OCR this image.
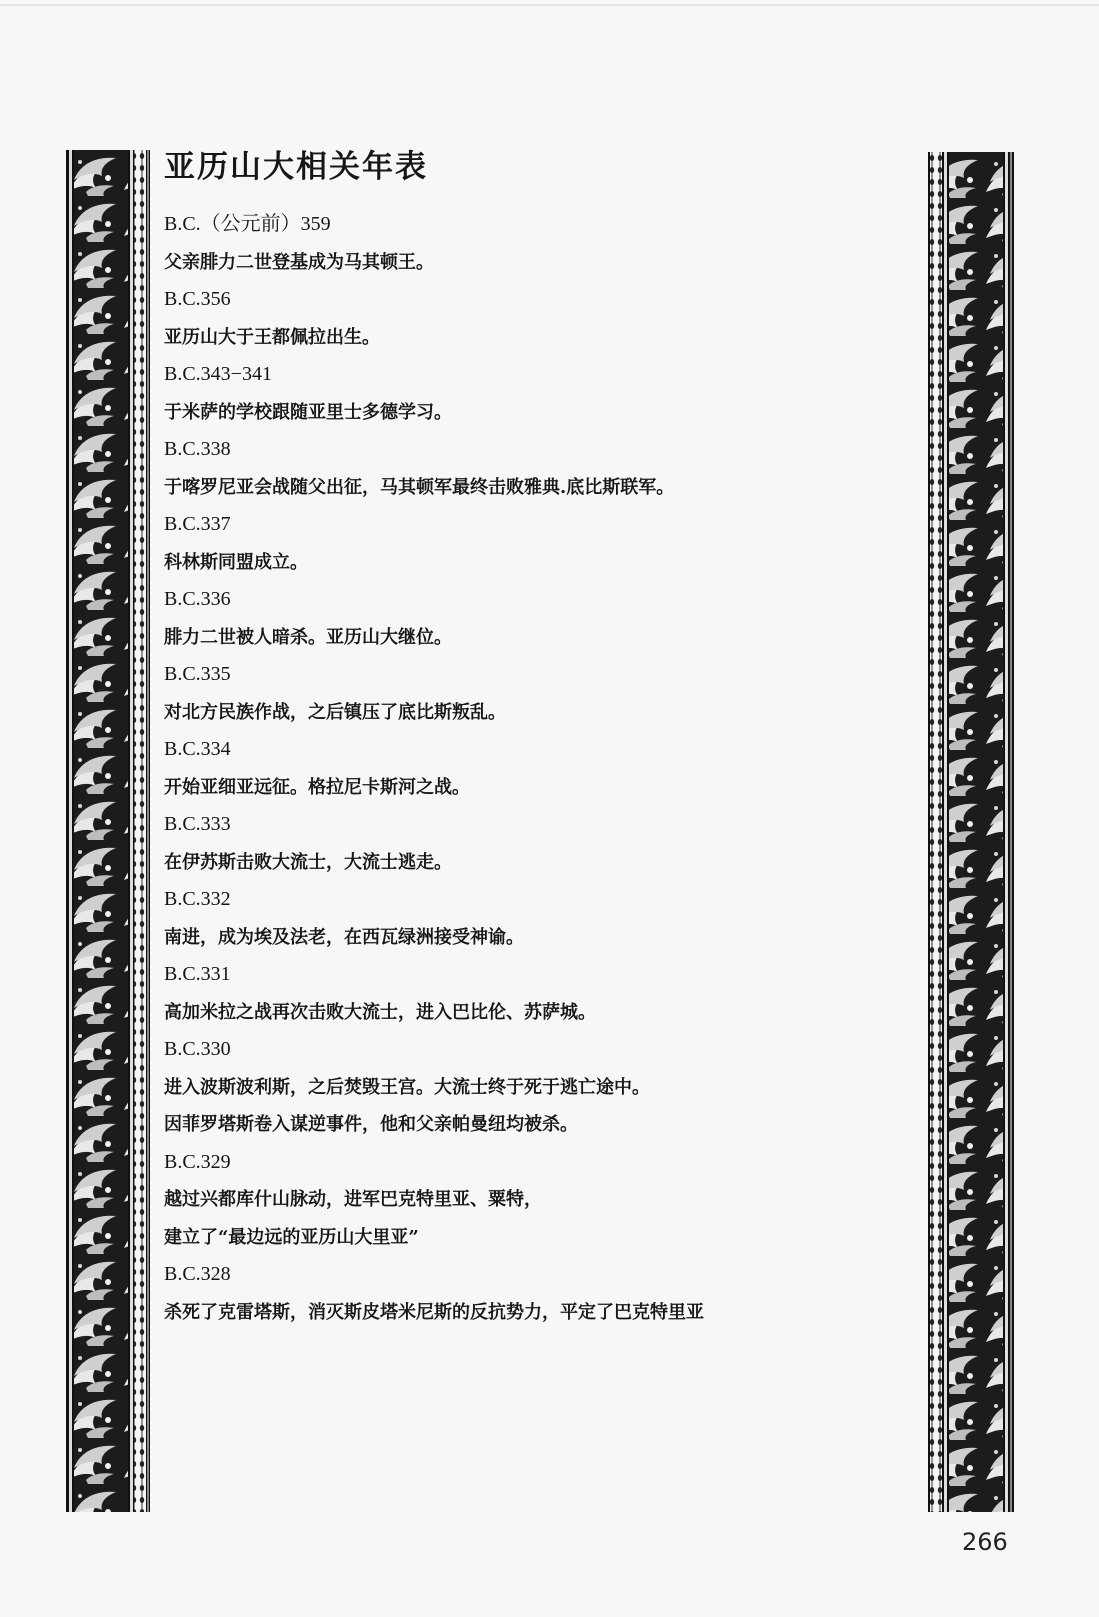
亚历山大相关年表

B.C.（公元前）359

父亲腓力二世登基成为马其顿王。

B.C.356

亚历山大于王都佩拉出生。

B.C.343−341

于米萨的学校跟随亚里士多德学习。

B.C.338

于喀罗尼亚会战随父出征，马其顿军最终击败雅典.底比斯联军。

B.C.337

科林斯同盟成立。

B.C.336

腓力二世被人暗杀。亚历山大继位。

B.C.335

对北方民族作战，之后镇压了底比斯叛乱。

B.C.334

开始亚细亚远征。格拉尼卡斯河之战。

B.C.333

在伊苏斯击败大流士，大流士逃走。

B.C.332

南进，成为埃及法老，在西瓦绿洲接受神谕。

B.C.331

高加米拉之战再次击败大流士，进入巴比伦、苏萨城。

B.C.330

进入波斯波利斯，之后焚毁王宫。大流士终于死于逃亡途中。

因菲罗塔斯卷入谋逆事件，他和父亲帕曼纽均被杀。

B.C.329

越过兴都库什山脉动，进军巴克特里亚、粟特，

建立了“最边远的亚历山大里亚”

B.C.328

杀死了克雷塔斯，消灭斯皮塔米尼斯的反抗势力，平定了巴克特里亚

266
